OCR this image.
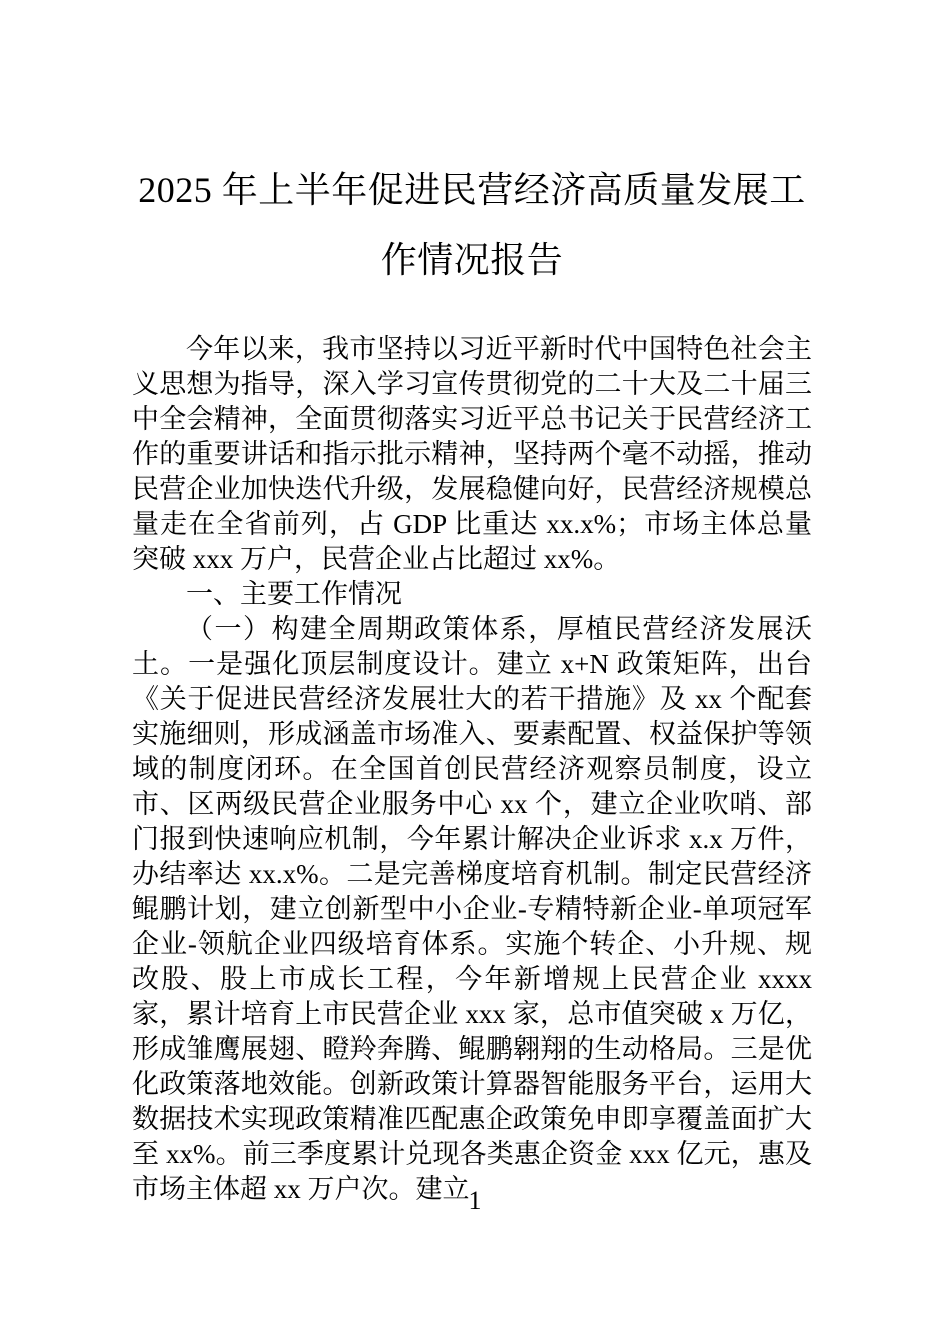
2025 年上半年促进民营经济高质量发展工作情况报告

今年以来，我市坚持以习近平新时代中国特色社会主义思想为指导，深入学习宣传贯彻党的二十大及二十届三中全会精神，全面贯彻落实习近平总书记关于民营经济工作的重要讲话和指示批示精神，坚持两个毫不动摇，推动民营企业加快迭代升级，发展稳健向好，民营经济规模总量走在全省前列，占 GDP 比重达 xx.x%；市场主体总量突破 xxx 万户，民营企业占比超过 xx%。

一、主要工作情况

（一）构建全周期政策体系，厚植民营经济发展沃土。一是强化顶层制度设计。建立 x+N 政策矩阵，出台《关于促进民营经济发展壮大的若干措施》及 xx 个配套实施细则，形成涵盖市场准入、要素配置、权益保护等领域的制度闭环。在全国首创民营经济观察员制度，设立市、区两级民营企业服务中心 xx 个，建立企业吹哨、部门报到快速响应机制，今年累计解决企业诉求 x.x 万件，办结率达 xx.x%。二是完善梯度培育机制。制定民营经济鲲鹏计划，建立创新型中小企业-专精特新企业-单项冠军企业-领航企业四级培育体系。实施个转企、小升规、规改股、股上市成长工程，今年新增规上民营企业 xxxx 家，累计培育上市民营企业 xxx 家，总市值突破 x 万亿，形成雏鹰展翅、瞪羚奔腾、鲲鹏翱翔的生动格局。三是优化政策落地效能。创新政策计算器智能服务平台，运用大数据技术实现政策精准匹配惠企政策免申即享覆盖面扩大至 xx%。前三季度累计兑现各类惠企资金 xxx 亿元，惠及市场主体超 xx 万户次。建立 1
